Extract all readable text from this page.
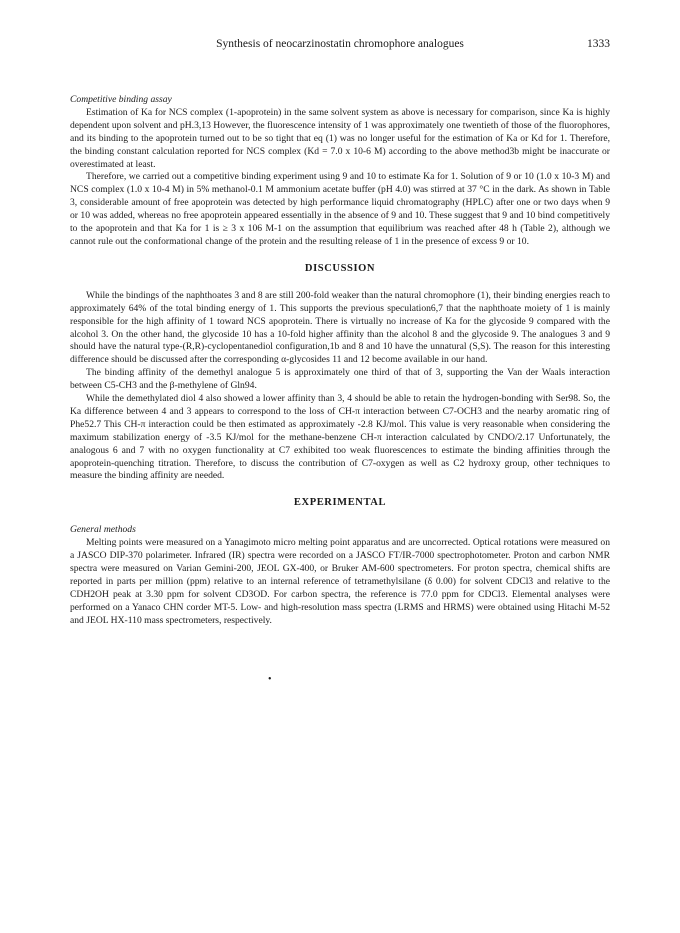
Synthesis of neocarzinostatin chromophore analogues	1333
Competitive binding assay

Estimation of Ka for NCS complex (1-apoprotein) in the same solvent system as above is necessary for comparison, since Ka is highly dependent upon solvent and pH.3,13 However, the fluorescence intensity of 1 was approximately one twentieth of those of the fluorophores, and its binding to the apoprotein turned out to be so tight that eq (1) was no longer useful for the estimation of Ka or Kd for 1. Therefore, the binding constant calculation reported for NCS complex (Kd = 7.0 x 10-6 M) according to the above method3b might be inaccurate or overestimated at least.

Therefore, we carried out a competitive binding experiment using 9 and 10 to estimate Ka for 1. Solution of 9 or 10 (1.0 x 10-3 M) and NCS complex (1.0 x 10-4 M) in 5% methanol-0.1 M ammonium acetate buffer (pH 4.0) was stirred at 37 °C in the dark. As shown in Table 3, considerable amount of free apoprotein was detected by high performance liquid chromatography (HPLC) after one or two days when 9 or 10 was added, whereas no free apoprotein appeared essentially in the absence of 9 and 10. These suggest that 9 and 10 bind competitively to the apoprotein and that Ka for 1 is ≥ 3 x 106 M-1 on the assumption that equilibrium was reached after 48 h (Table 2), although we cannot rule out the conformational change of the protein and the resulting release of 1 in the presence of excess 9 or 10.

DISCUSSION

While the bindings of the naphthoates 3 and 8 are still 200-fold weaker than the natural chromophore (1), their binding energies reach to approximately 64% of the total binding energy of 1. This supports the previous speculation6,7 that the naphthoate moiety of 1 is mainly responsible for the high affinity of 1 toward NCS apoprotein. There is virtually no increase of Ka for the glycoside 9 compared with the alcohol 3. On the other hand, the glycoside 10 has a 10-fold higher affinity than the alcohol 8 and the glycoside 9. The analogues 3 and 9 should have the natural type-(R,R)-cyclopentanediol configuration,1b and 8 and 10 have the unnatural (S,S). The reason for this interesting difference should be discussed after the corresponding α-glycosides 11 and 12 become available in our hand.

The binding affinity of the demethyl analogue 5 is approximately one third of that of 3, supporting the Van der Waals interaction between C5-CH3 and the β-methylene of Gln94.

While the demethylated diol 4 also showed a lower affinity than 3, 4 should be able to retain the hydrogen-bonding with Ser98. So, the Ka difference between 4 and 3 appears to correspond to the loss of CH-π interaction between C7-OCH3 and the nearby aromatic ring of Phe52.7 This CH-π interaction could be then estimated as approximately -2.8 KJ/mol. This value is very reasonable when considering the maximum stabilization energy of -3.5 KJ/mol for the methane-benzene CH-π interaction calculated by CNDO/2.17 Unfortunately, the analogous 6 and 7 with no oxygen functionality at C7 exhibited too weak fluorescences to estimate the binding affinities through the apoprotein-quenching titration. Therefore, to discuss the contribution of C7-oxygen as well as C2 hydroxy group, other techniques to measure the binding affinity are needed.

EXPERIMENTAL
General methods

Melting points were measured on a Yanagimoto micro melting point apparatus and are uncorrected. Optical rotations were measured on a JASCO DIP-370 polarimeter. Infrared (IR) spectra were recorded on a JASCO FT/IR-7000 spectrophotometer. Proton and carbon NMR spectra were measured on Varian Gemini-200, JEOL GX-400, or Bruker AM-600 spectrometers. For proton spectra, chemical shifts are reported in parts per million (ppm) relative to an internal reference of tetramethylsilane (δ 0.00) for solvent CDCl3 and relative to the CDH2OH peak at 3.30 ppm for solvent CD3OD. For carbon spectra, the reference is 77.0 ppm for CDCl3. Elemental analyses were performed on a Yanaco CHN corder MT-5. Low- and high-resolution mass spectra (LRMS and HRMS) were obtained using Hitachi M-52 and JEOL HX-110 mass spectrometers, respectively.

•
